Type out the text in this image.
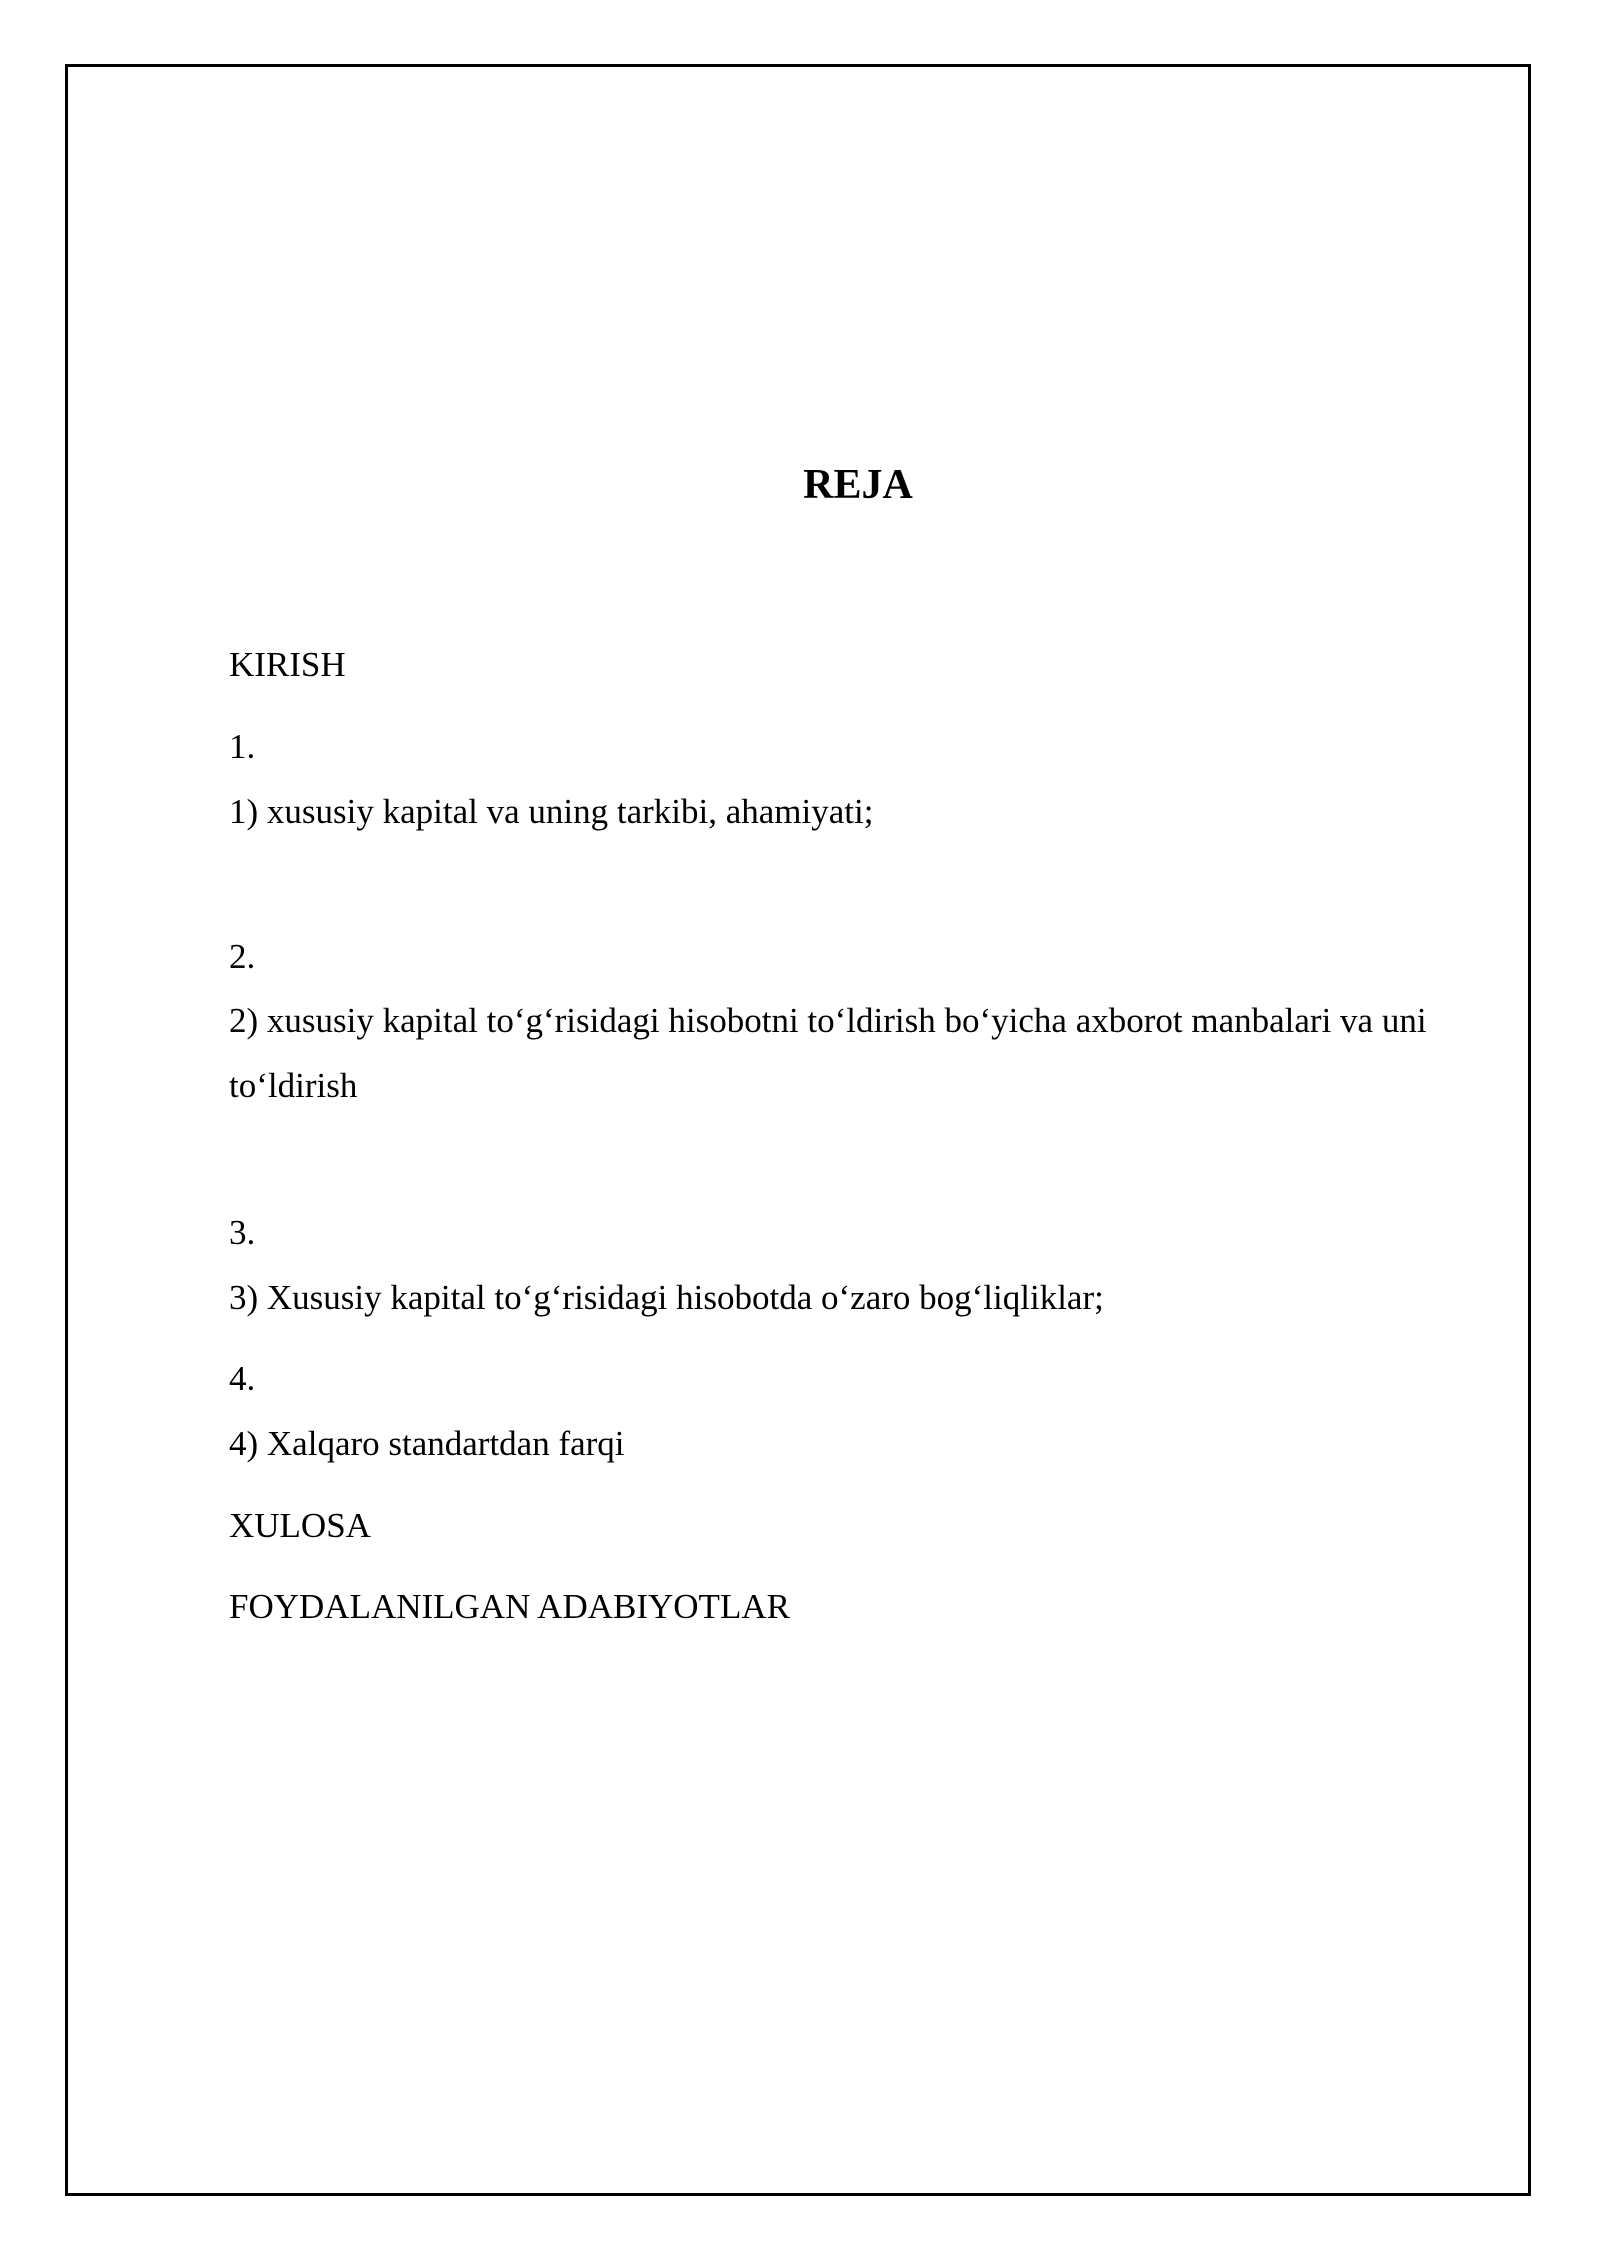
REJA

KIRISH

1.

1) xususiy kapital va uning tarkibi, ahamiyati;

2.

2) xususiy kapital to‘g‘risidagi hisobotni to‘ldirish bo‘yicha axborot manbalari va uni to‘ldirish

3.

3) Xususiy kapital to‘g‘risidagi hisobotda o‘zaro bog‘liqliklar;

4.

4) Xalqaro standartdan farqi

XULOSA

FOYDALANILGAN ADABIYOTLAR
